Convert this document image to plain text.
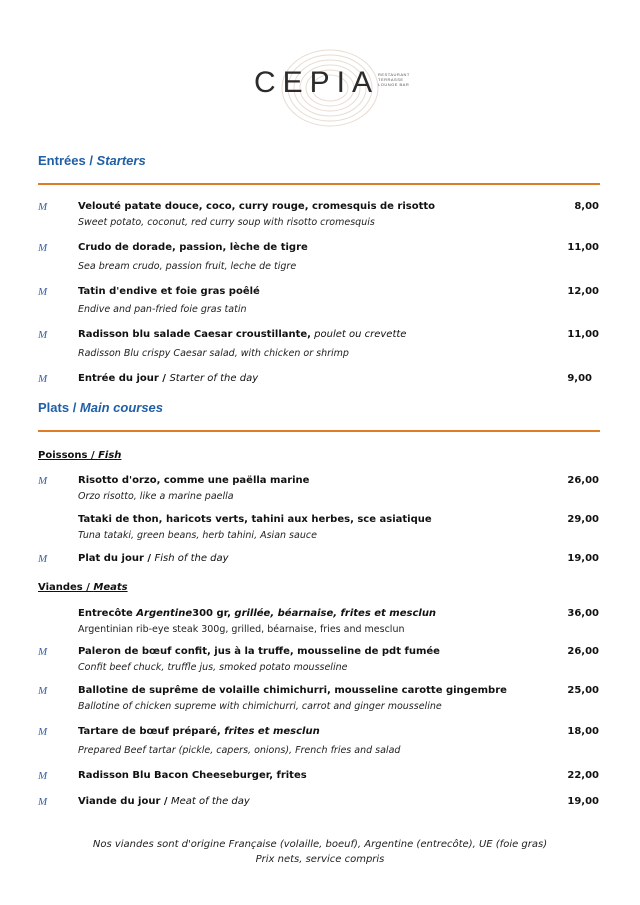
CEPIA
RESTAURANT TERRASSE LOUNGE BAR
Entrées / Starters
M	Velouté patate douce, coco, curry rouge, cromesquis de risotto	8,00
Sweet potato, coconut, red curry soup with risotto cromesquis
M	Crudo de dorade, passion, lèche de tigre	11,00
Sea bream crudo, passion fruit, leche de tigre
M	Tatin d'endive et foie gras poêlé	12,00
Endive and pan-fried foie gras tatin
M	Radisson blu salade Caesar croustillante, poulet ou crevette	11,00
Radisson Blu crispy Caesar salad, with chicken or shrimp
M	Entrée du jour / Starter of the day	9,00
Plats / Main courses
Poissons / Fish
M	Risotto d'orzo, comme une paëlla marine	26,00
Orzo risotto, like a marine paella
Tataki de thon, haricots verts, tahini aux herbes, sce asiatique	29,00
Tuna tataki, green beans, herb tahini, Asian sauce
M	Plat du jour / Fish of the day	19,00
Viandes / Meats
Entrecôte Argentine300 gr, grillée, béarnaise, frites et mesclun	36,00
Argentinian rib-eye steak 300g, grilled, béarnaise, fries and mesclun
M	Paleron de bœuf confit, jus à la truffe, mousseline de pdt fumée	26,00
Confit beef chuck, truffle jus, smoked potato mousseline
M	Ballotine de suprême de volaille chimichurri, mousseline carotte gingembre	25,00
Ballotine of chicken supreme with chimichurri, carrot and ginger mousseline
M	Tartare de bœuf préparé, frites et mesclun	18,00
Prepared Beef tartar (pickle, capers, onions), French fries and salad
M	Radisson Blu Bacon Cheeseburger, frites	22,00
M	Viande du jour / Meat of the day	19,00
Nos viandes sont d'origine Française (volaille, boeuf), Argentine (entrecôte), UE (foie gras)
Prix nets, service compris
